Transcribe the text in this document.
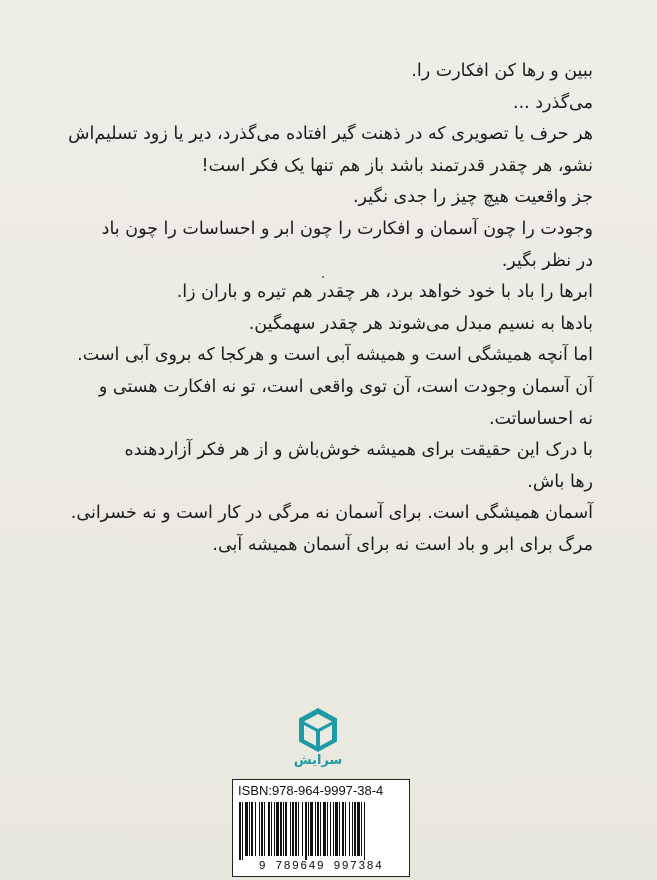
ببین و رها کن افکارت را.
می‌گذرد ...
هر حرف یا تصویری که در ذهنت گیر افتاده می‌گذرد، دیر یا زود تسلیم‌اش
نشو، هر چقدر قدرتمند باشد باز هم تنها یک فکر است!
جز واقعیت هیچ چیز را جدی نگیر.
وجودت را چون آسمان و افکارت را چون ابر و احساسات را چون باد
در نظر بگیر.
ابرها را باد با خود خواهد برد، هر چقدر هم تیره و باران زا.
بادها به نسیم مبدل می‌شوند هر چقدر سهمگین.
اما آنچه همیشگی است و همیشه آبی است و هرکجا که بروی آبی است.
آن آسمان وجودت است، آن توی واقعی است، تو نه افکارت هستی و
نه احساساتت.
با درک این حقیقت برای همیشه خوش‌باش و از هر فکر آزاردهنده
رها باش.
آسمان همیشگی است. برای آسمان نه مرگی در کار است و نه خسرانی.
مرگ برای ابر و باد است نه برای آسمان همیشه آبی.
سرایش
ISBN:978-964-9997-38-4
9 789649 997384
